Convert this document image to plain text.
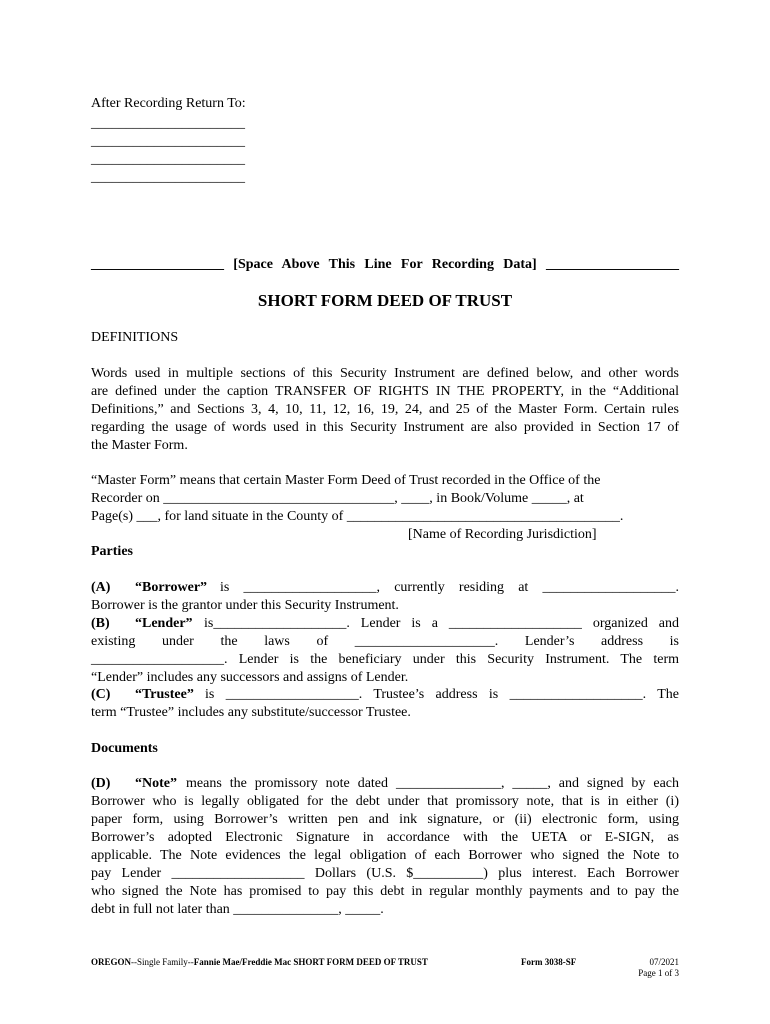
After Recording Return To:
______________________
______________________
______________________
______________________
___________________ [Space Above This Line For Recording Data] ___________________
SHORT FORM DEED OF TRUST
DEFINITIONS
Words used in multiple sections of this Security Instrument are defined below, and other words
are defined under the caption TRANSFER OF RIGHTS IN THE PROPERTY, in the “Additional
Definitions,” and Sections 3, 4, 10, 11, 12, 16, 19, 24, and 25 of the Master Form. Certain rules
regarding the usage of words used in this Security Instrument are also provided in Section 17 of
the Master Form.
“Master Form” means that certain Master Form Deed of Trust recorded in the Office of the
Recorder on _________________________________, ____, in Book/Volume _____, at
Page(s) ___, for land situate in the County of _______________________________________.
[Name of Recording Jurisdiction]
Parties
(A) “Borrower” is ___________________, currently residing at ___________________.
Borrower is the grantor under this Security Instrument.
(B) “Lender” is___________________. Lender is a ___________________ organized and
existing under the laws of ____________________. Lender’s address is
___________________. Lender is the beneficiary under this Security Instrument. The term
“Lender” includes any successors and assigns of Lender.
(C) “Trustee” is ___________________. Trustee’s address is ___________________. The
term “Trustee” includes any substitute/successor Trustee.
Documents
(D) “Note” means the promissory note dated _______________, _____, and signed by each
Borrower who is legally obligated for the debt under that promissory note, that is in either (i)
paper form, using Borrower’s written pen and ink signature, or (ii) electronic form, using
Borrower’s adopted Electronic Signature in accordance with the UETA or E-SIGN, as
applicable. The Note evidences the legal obligation of each Borrower who signed the Note to
pay Lender ___________________ Dollars (U.S. $__________) plus interest. Each Borrower
who signed the Note has promised to pay this debt in regular monthly payments and to pay the
debt in full not later than _______________, _____.
OREGON--Single Family--Fannie Mae/Freddie Mac SHORT FORM DEED OF TRUST	Form 3038-SF	07/2021
Page 1 of 3
